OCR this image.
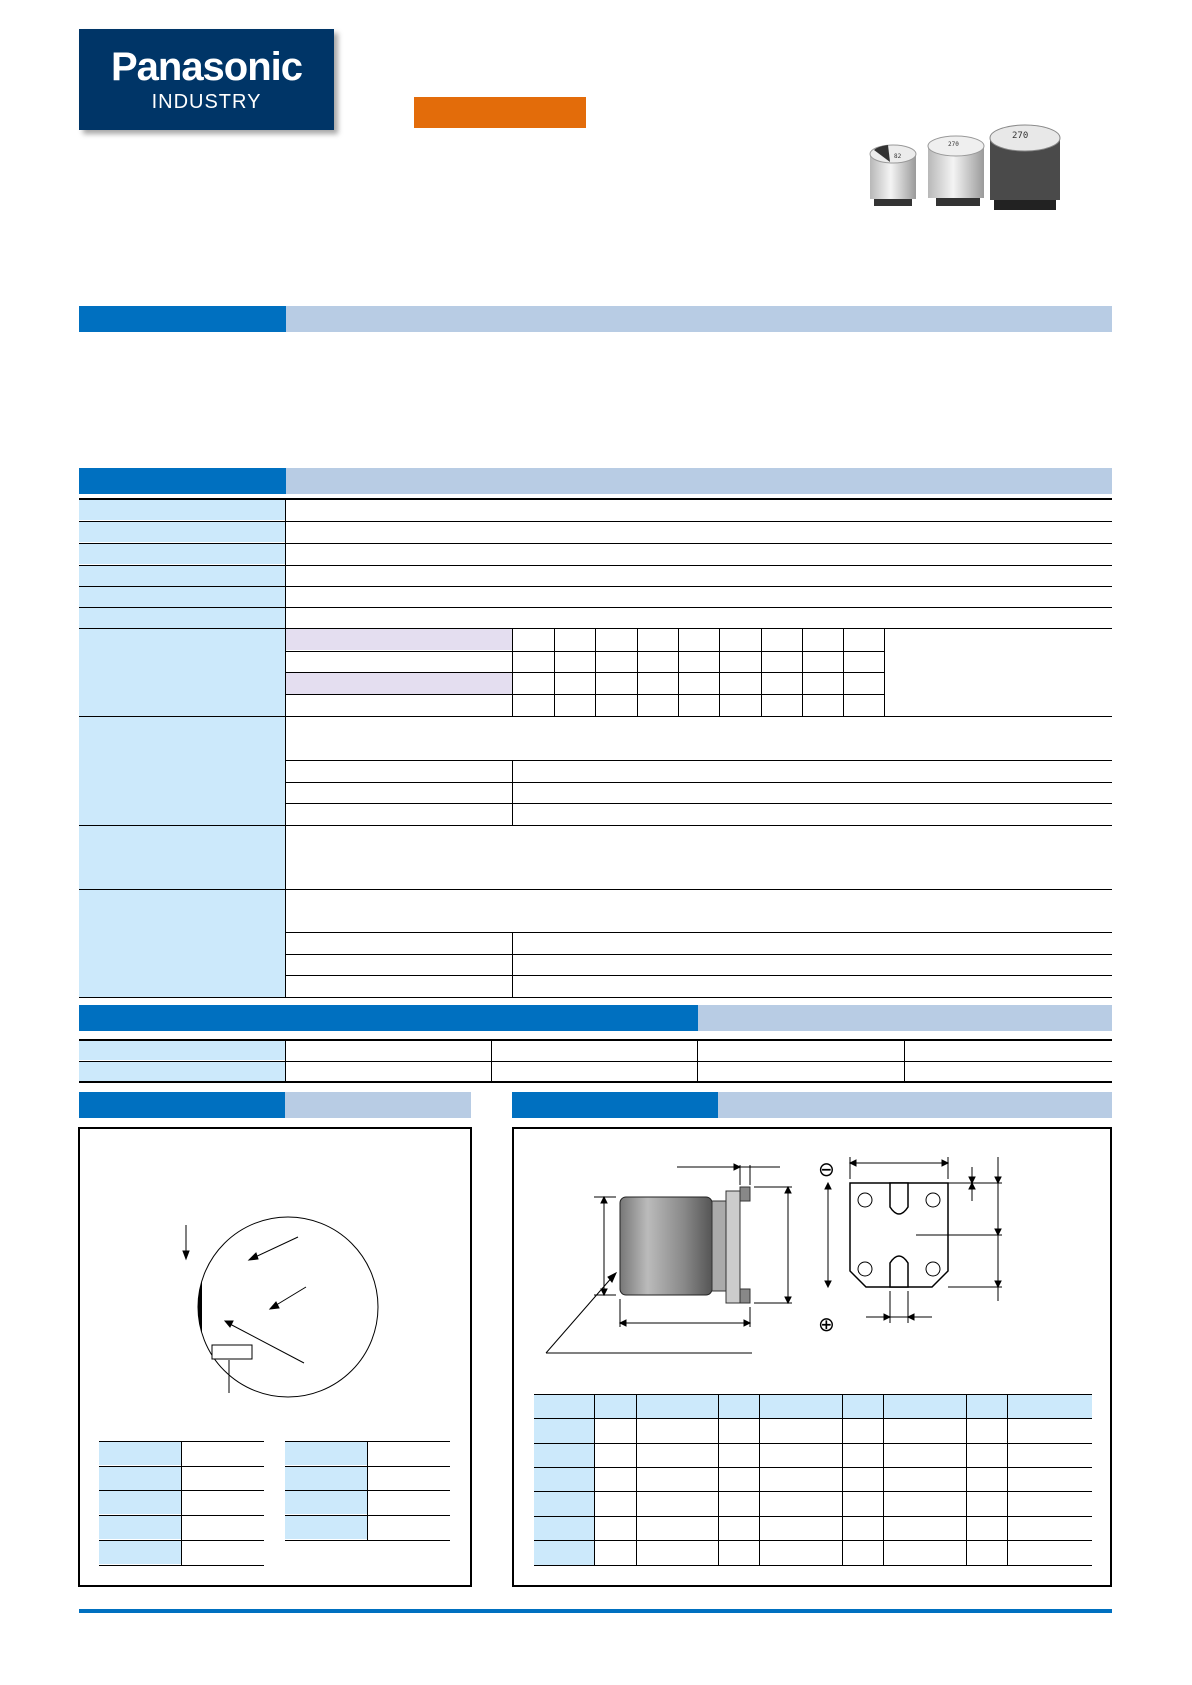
Panasonic
INDUSTRY
82
270
270
⊖
⊕
